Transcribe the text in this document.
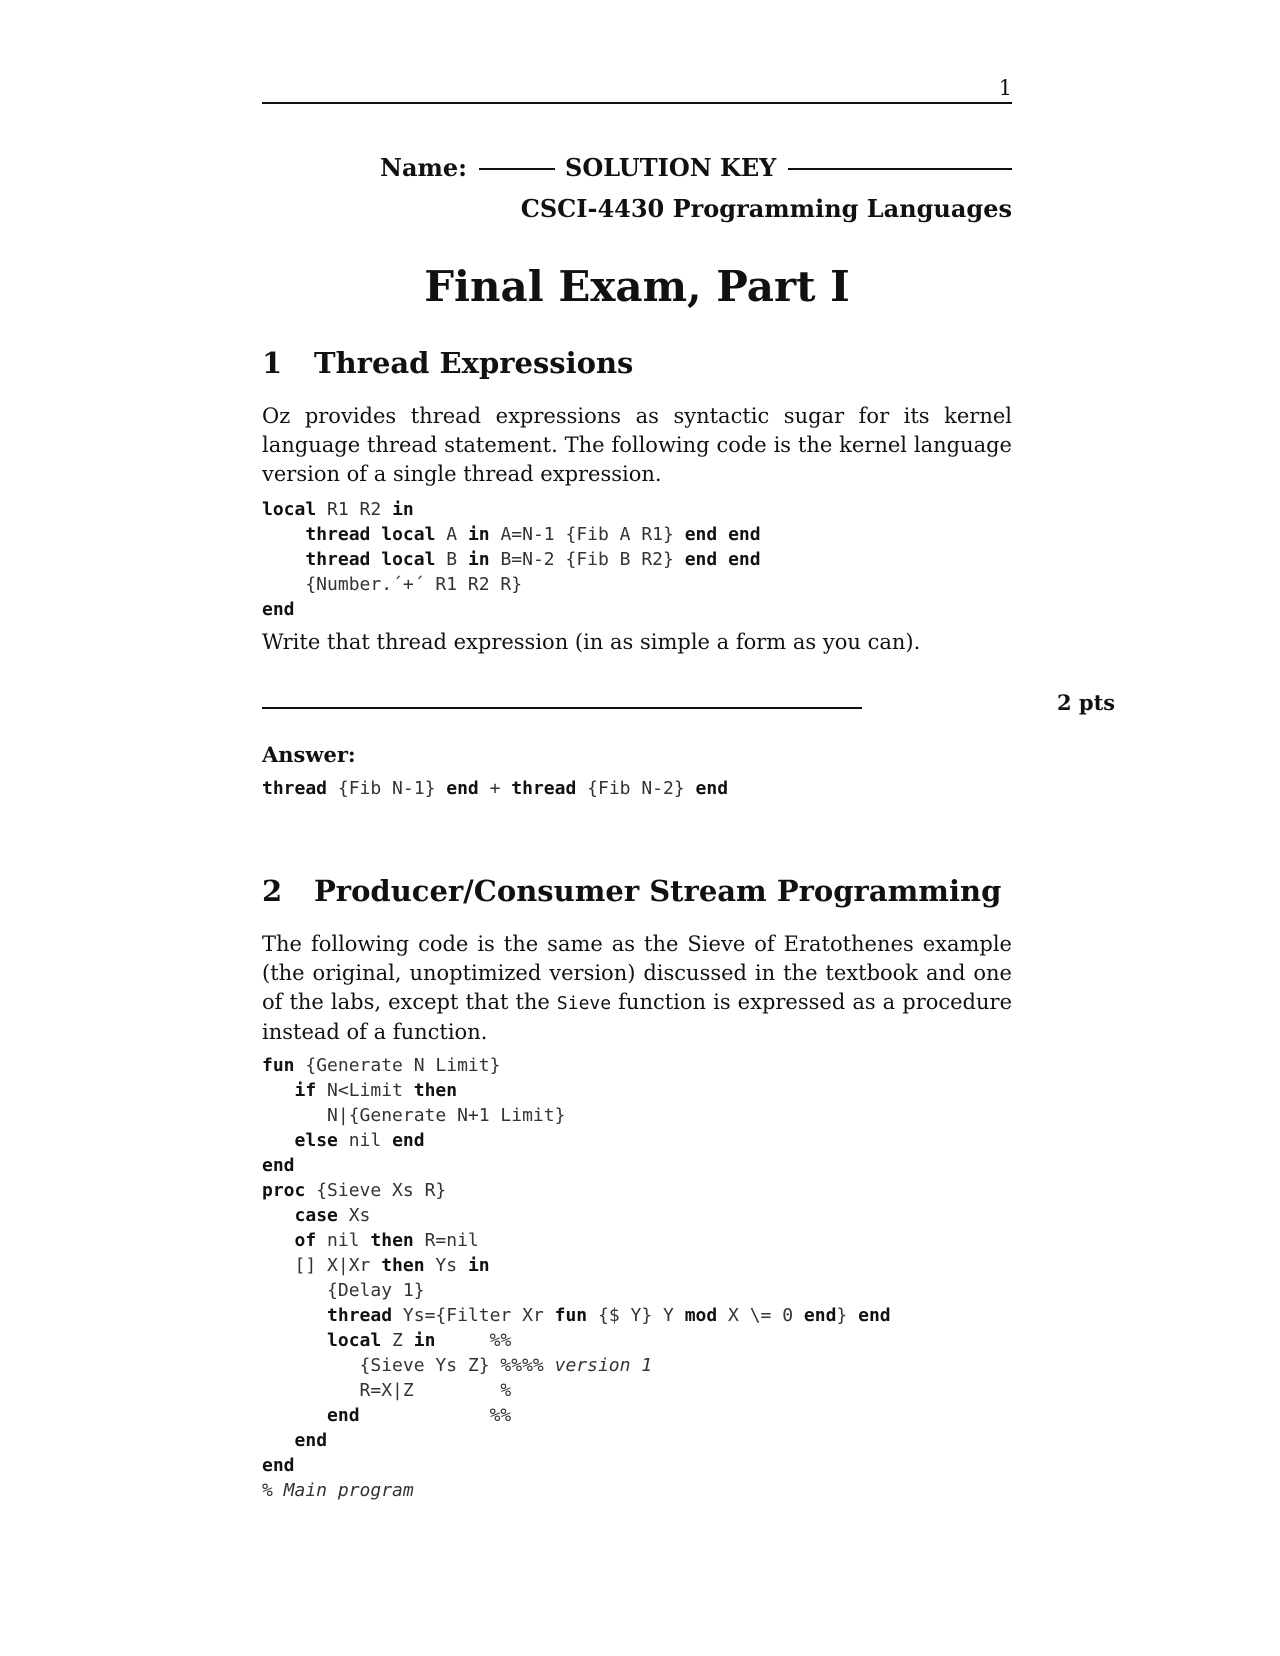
1
Name:	SOLUTION KEY
CSCI-4430 Programming Languages
Final Exam, Part I
1 Thread Expressions
Oz provides thread expressions as syntactic sugar for its kernel language thread statement. The following code is the kernel language version of a single thread expression.
local R1 R2 in
thread local A in A=N-1 {Fib A R1} end end
thread local B in B=N-2 {Fib B R2} end end
{Number.´+´ R1 R2 R}
end
Write that thread expression (in as simple a form as you can).
2 pts
Answer:
thread {Fib N-1} end + thread {Fib N-2} end
2 Producer/Consumer Stream Programming
The following code is the same as the Sieve of Eratothenes example (the original, unoptimized version) discussed in the textbook and one of the labs, except that the Sieve function is expressed as a procedure instead of a function.
fun {Generate N Limit}
if N<Limit then
N|{Generate N+1 Limit}
else nil end
end
proc {Sieve Xs R}
case Xs
of nil then R=nil
[] X|Xr then Ys in
{Delay 1}
thread Ys={Filter Xr fun {$ Y} Y mod X \= 0 end} end
local Z in	%%
{Sieve Ys Z} %%%% version 1
R=X|Z        %
end	%%
end
end
% Main program
